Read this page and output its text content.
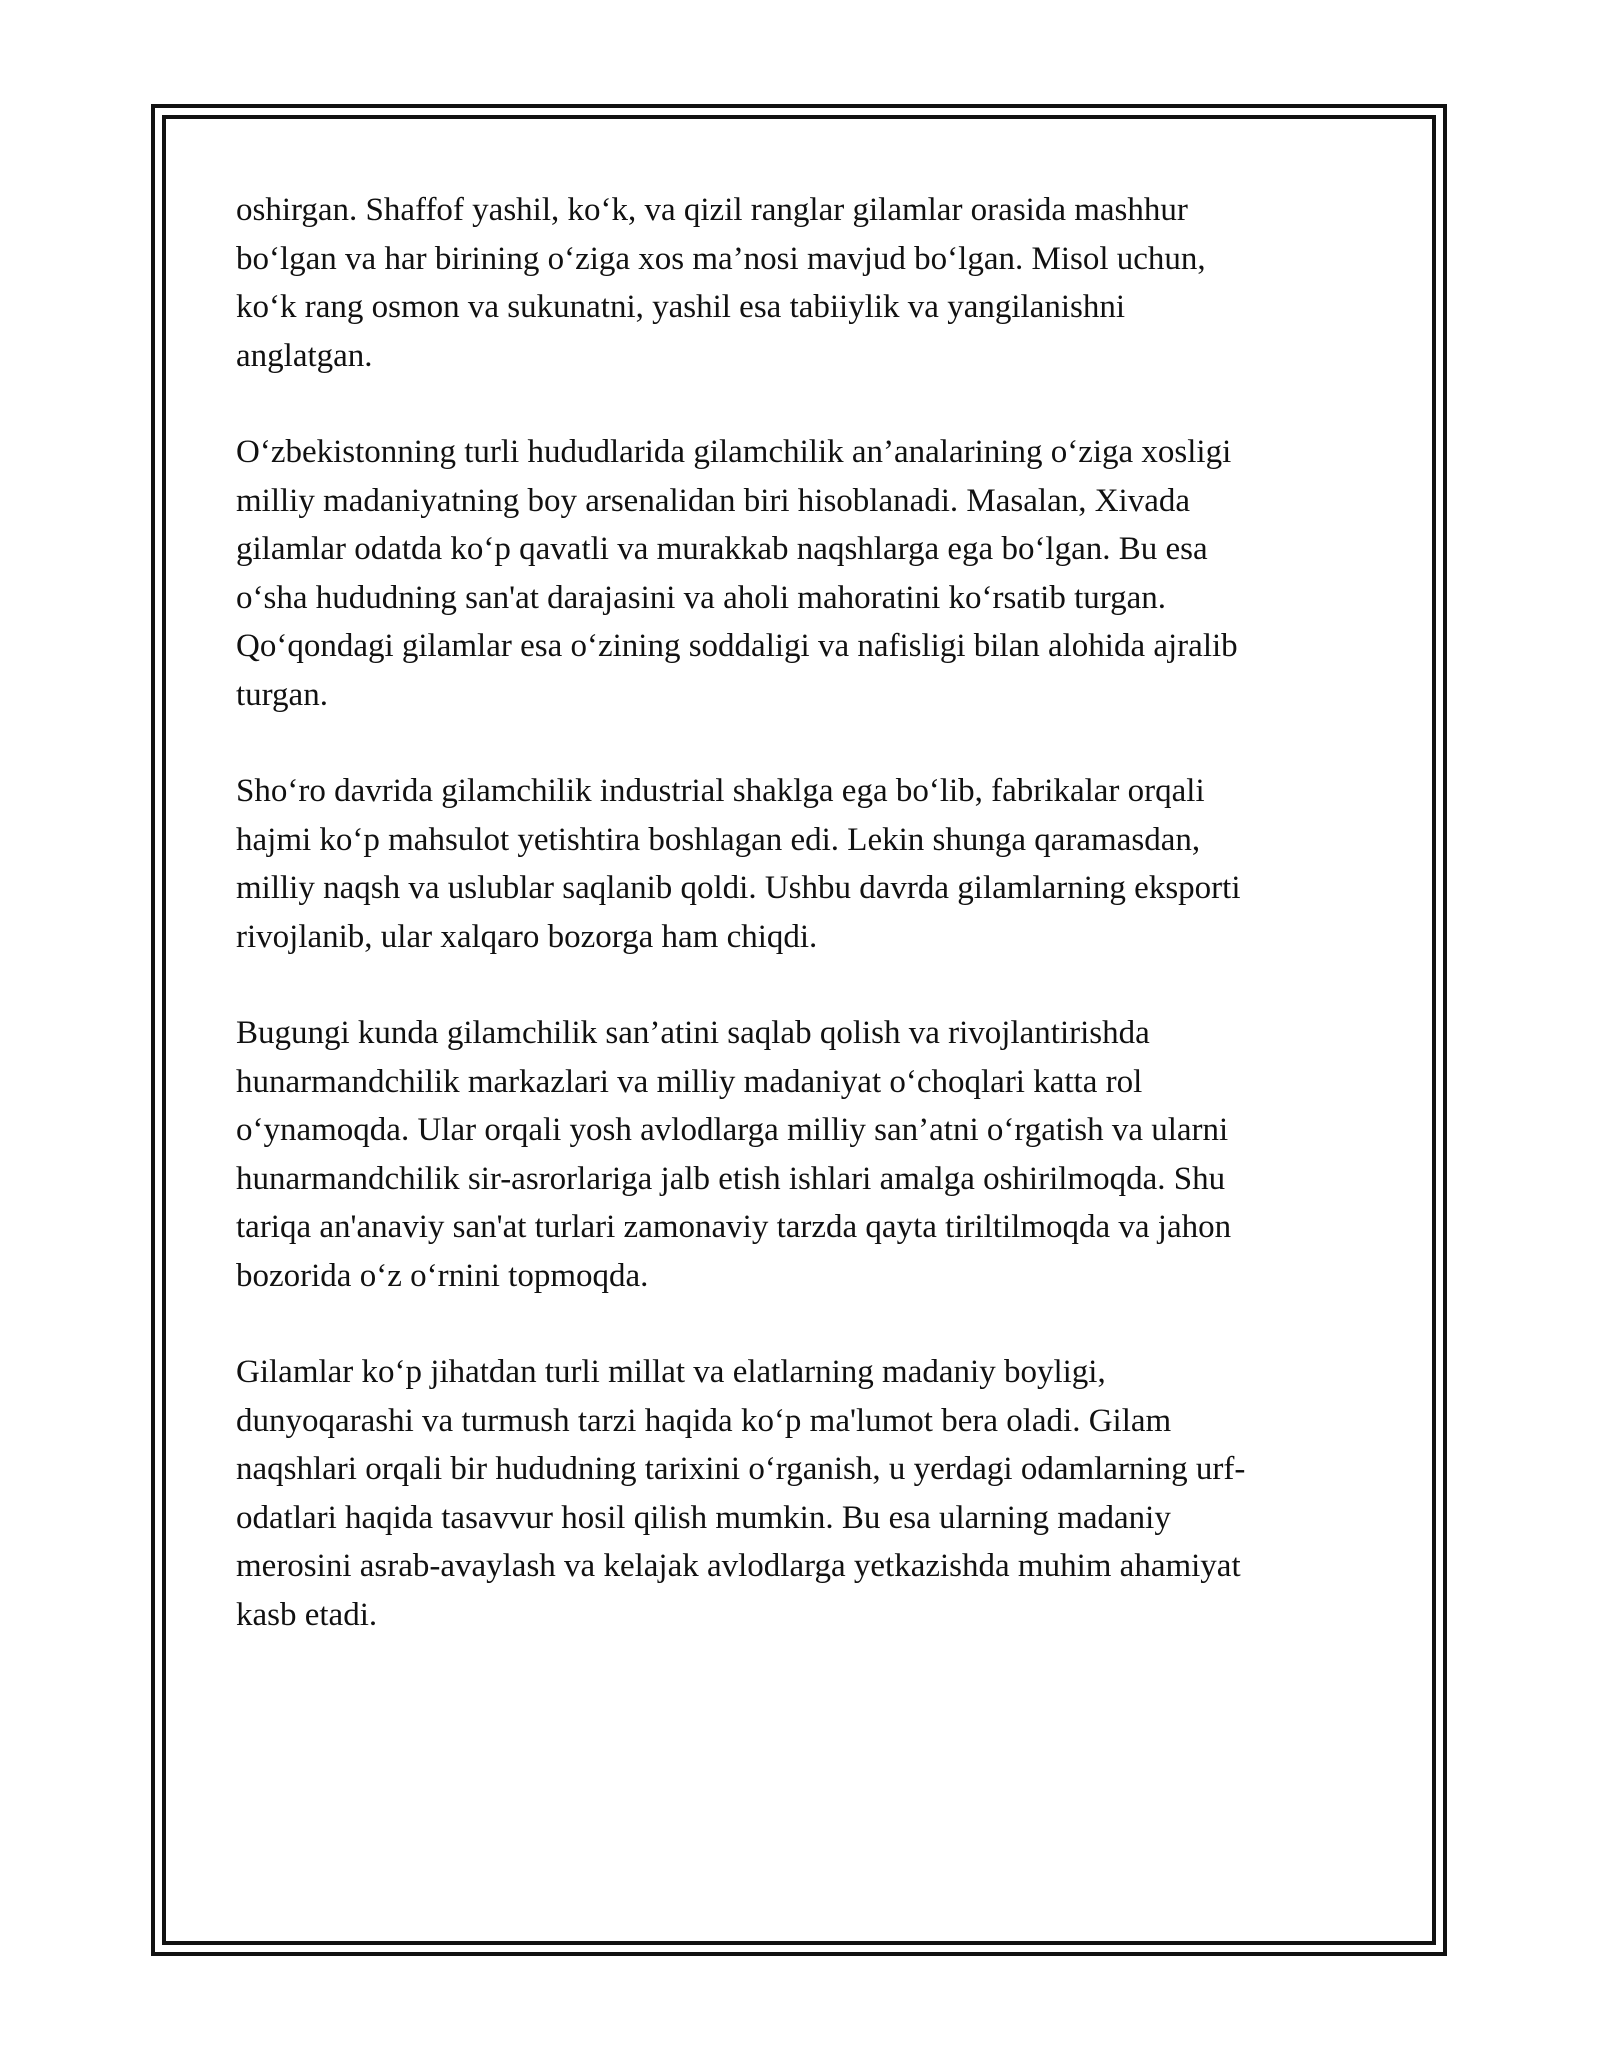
oshirgan. Shaffof yashil, ko‘k, va qizil ranglar gilamlar orasida mashhur
bo‘lgan va har birining o‘ziga xos ma’nosi mavjud bo‘lgan. Misol uchun,
ko‘k rang osmon va sukunatni, yashil esa tabiiylik va yangilanishni
anglatgan.

O‘zbekistonning turli hududlarida gilamchilik an’analarining o‘ziga xosligi
milliy madaniyatning boy arsenalidan biri hisoblanadi. Masalan, Xivada
gilamlar odatda ko‘p qavatli va murakkab naqshlarga ega bo‘lgan. Bu esa
o‘sha hududning san'at darajasini va aholi mahoratini ko‘rsatib turgan.
Qo‘qondagi gilamlar esa o‘zining soddaligi va nafisligi bilan alohida ajralib
turgan.

Sho‘ro davrida gilamchilik industrial shaklga ega bo‘lib, fabrikalar orqali
hajmi ko‘p mahsulot yetishtira boshlagan edi. Lekin shunga qaramasdan,
milliy naqsh va uslublar saqlanib qoldi. Ushbu davrda gilamlarning eksporti
rivojlanib, ular xalqaro bozorga ham chiqdi.

Bugungi kunda gilamchilik san’atini saqlab qolish va rivojlantirishda
hunarmandchilik markazlari va milliy madaniyat o‘choqlari katta rol
o‘ynamoqda. Ular orqali yosh avlodlarga milliy san’atni o‘rgatish va ularni
hunarmandchilik sir-asrorlariga jalb etish ishlari amalga oshirilmoqda. Shu
tariqa an'anaviy san'at turlari zamonaviy tarzda qayta tiriltilmoqda va jahon
bozorida o‘z o‘rnini topmoqda.

Gilamlar ko‘p jihatdan turli millat va elatlarning madaniy boyligi,
dunyoqarashi va turmush tarzi haqida ko‘p ma'lumot bera oladi. Gilam
naqshlari orqali bir hududning tarixini o‘rganish, u yerdagi odamlarning urf-
odatlari haqida tasavvur hosil qilish mumkin. Bu esa ularning madaniy
merosini asrab-avaylash va kelajak avlodlarga yetkazishda muhim ahamiyat
kasb etadi.
